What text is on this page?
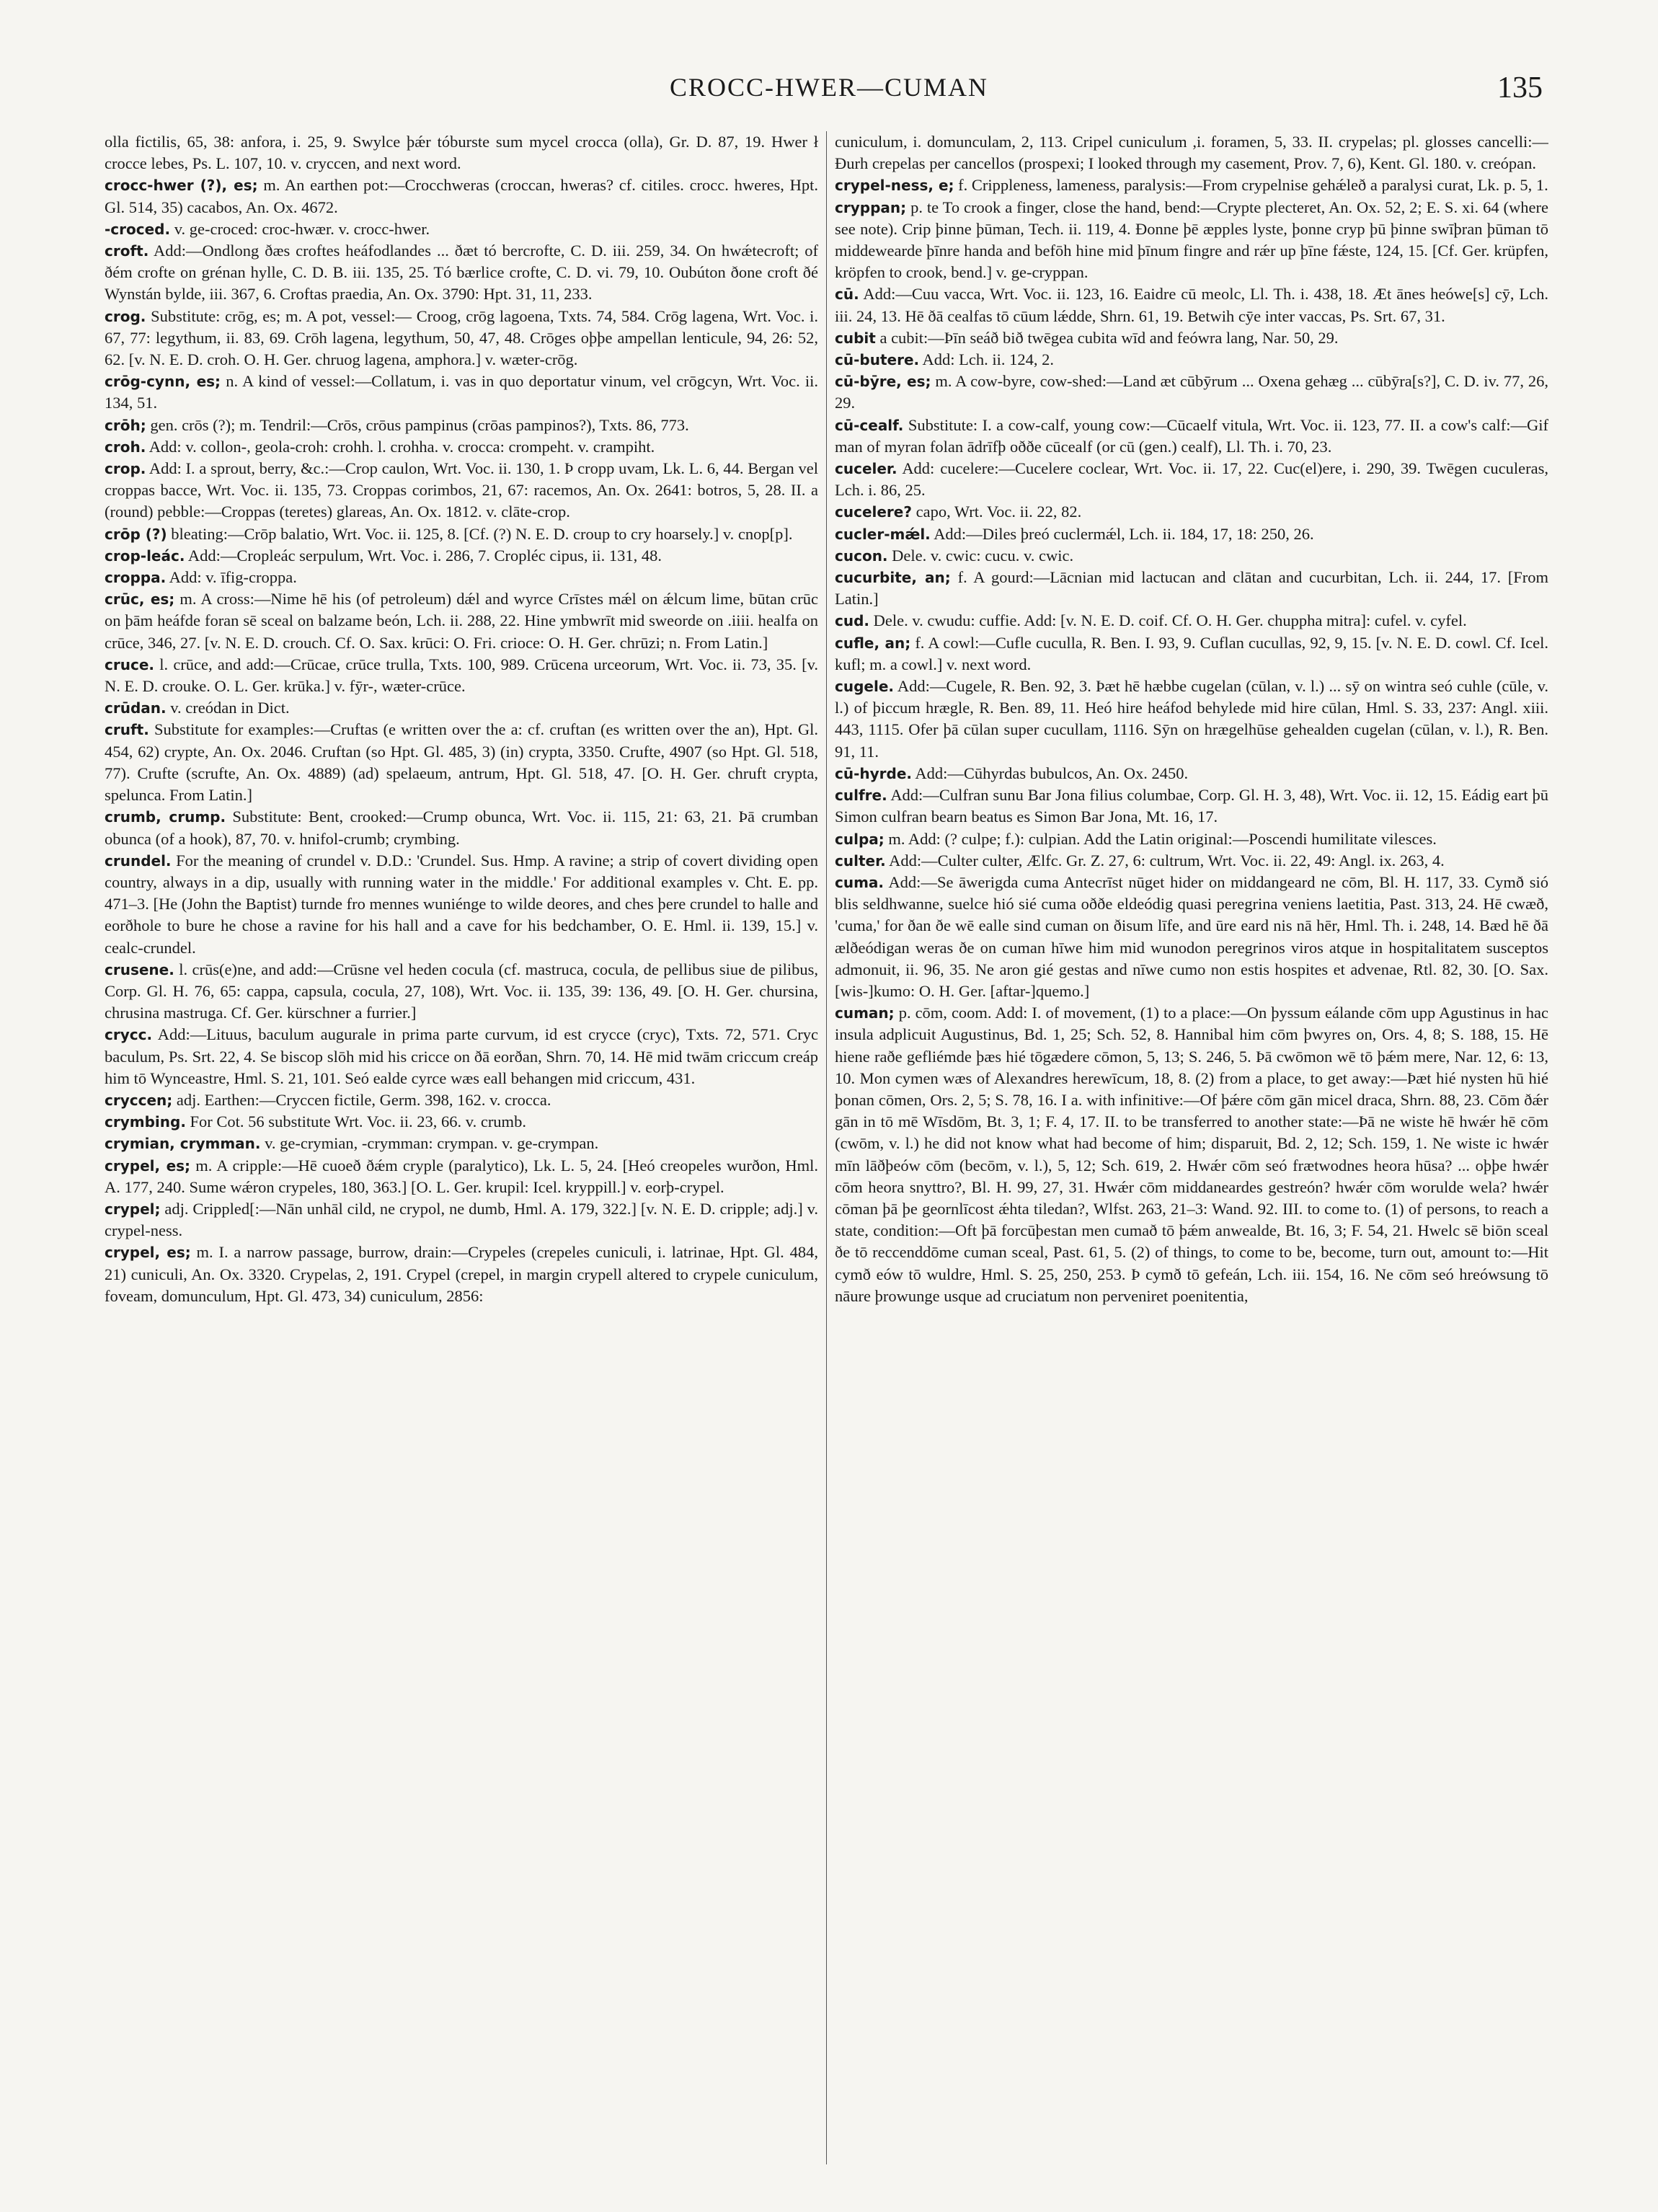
CROCC-HWER—CUMAN	135

olla fictilis, 65, 38: anfora, i. 25, 9. Swylce þǽr tóburste sum mycel crocca (olla), Gr. D. 87, 19. Hwer ł crocce lebes, Ps. L. 107, 10. v. cryccen, and next word.

crocc-hwer (?), es; m. An earthen pot:—Crocchweras (croccan, hweras? cf. citiles. crocc. hweres, Hpt. Gl. 514, 35) cacabos, An. Ox. 4672.

-croced. v. ge-croced: croc-hwær. v. crocc-hwer.

croft. Add:—Ondlong ðæs croftes heáfodlandes ... ðæt tó bercrofte, C. D. iii. 259, 34. On hwǽtecroft; of ðém crofte on grénan hylle, C. D. B. iii. 135, 25. Tó bærlice crofte, C. D. vi. 79, 10. Oubúton ðone croft ðé Wynstán bylde, iii. 367, 6. Croftas praedia, An. Ox. 3790: Hpt. 31, 11, 233.

crog. Substitute: crōg, es; m. A pot, vessel:— Croog, crōg lagoena, Txts. 74, 584. Crōg lagena, Wrt. Voc. i. 67, 77: legythum, ii. 83, 69. Crōh lagena, legythum, 50, 47, 48. Crōges oþþe ampellan lenticule, 94, 26: 52, 62. [v. N. E. D. croh. O. H. Ger. chruog lagena, amphora.] v. wæter-crōg.

crōg-cynn, es; n. A kind of vessel:—Collatum, i. vas in quo deportatur vinum, vel crōgcyn, Wrt. Voc. ii. 134, 51.

crōh; gen. crōs (?); m. Tendril:—Crōs, crōus pampinus (crōas pampinos?), Txts. 86, 773.

croh. Add: v. collon-, geola-croh: crohh. l. crohha. v. crocca: crompeht. v. crampiht.

crop. Add: I. a sprout, berry, &c.:—Crop caulon, Wrt. Voc. ii. 130, 1. Þ cropp uvam, Lk. L. 6, 44. Bergan vel croppas bacce, Wrt. Voc. ii. 135, 73. Croppas corimbos, 21, 67: racemos, An. Ox. 2641: botros, 5, 28. II. a (round) pebble:—Croppas (teretes) glareas, An. Ox. 1812. v. clāte-crop.

crōp (?) bleating:—Crōp balatio, Wrt. Voc. ii. 125, 8. [Cf. (?) N. E. D. croup to cry hoarsely.] v. cnop[p].

crop-leác. Add:—Cropleác serpulum, Wrt. Voc. i. 286, 7. Cropléc cipus, ii. 131, 48.

croppa. Add: v. īfig-croppa.

crūc, es; m. A cross:—Nime hē his (of petroleum) dǽl and wyrce Crīstes mǽl on ǽlcum lime, būtan crūc on þām heáfde foran sē sceal on balzame beón, Lch. ii. 288, 22. Hine ymbwrīt mid sweorde on .iiii. healfa on crūce, 346, 27. [v. N. E. D. crouch. Cf. O. Sax. krūci: O. Fri. crioce: O. H. Ger. chrūzi; n. From Latin.]

cruce. l. crūce, and add:—Crūcae, crūce trulla, Txts. 100, 989. Crūcena urceorum, Wrt. Voc. ii. 73, 35. [v. N. E. D. crouke. O. L. Ger. krūka.] v. fȳr-, wæter-crūce.

crūdan. v. creódan in Dict.

cruft. Substitute for examples:—Cruftas (e written over the a: cf. cruftan (es written over the an), Hpt. Gl. 454, 62) crypte, An. Ox. 2046. Cruftan (so Hpt. Gl. 485, 3) (in) crypta, 3350. Crufte, 4907 (so Hpt. Gl. 518, 77). Crufte (scrufte, An. Ox. 4889) (ad) spelaeum, antrum, Hpt. Gl. 518, 47. [O. H. Ger. chruft crypta, spelunca. From Latin.]

crumb, crump. Substitute: Bent, crooked:—Crump obunca, Wrt. Voc. ii. 115, 21: 63, 21. Þā crumban obunca (of a hook), 87, 70. v. hnifol-crumb; crymbing.

crundel. For the meaning of crundel v. D.D.: 'Crundel. Sus. Hmp. A ravine; a strip of covert dividing open country, always in a dip, usually with running water in the middle.' For additional examples v. Cht. E. pp. 471–3. [He (John the Baptist) turnde fro mennes wuniénge to wilde deores, and ches þere crundel to halle and eorðhole to bure he chose a ravine for his hall and a cave for his bedchamber, O. E. Hml. ii. 139, 15.] v. cealc-crundel.

crusene. l. crūs(e)ne, and add:—Crūsne vel heden cocula (cf. mastruca, cocula, de pellibus siue de pilibus, Corp. Gl. H. 76, 65: cappa, capsula, cocula, 27, 108), Wrt. Voc. ii. 135, 39: 136, 49. [O. H. Ger. chursina, chrusina mastruga. Cf. Ger. kürschner a furrier.]

crycc. Add:—Lituus, baculum augurale in prima parte curvum, id est crycce (cryc), Txts. 72, 571. Cryc baculum, Ps. Srt. 22, 4. Se biscop slōh mid his cricce on ðā eorðan, Shrn. 70, 14. Hē mid twām criccum creáp him tō Wynceastre, Hml. S. 21, 101. Seó ealde cyrce wæs eall behangen mid criccum, 431.

cryccen; adj. Earthen:—Cryccen fictile, Germ. 398, 162. v. crocca.

crymbing. For Cot. 56 substitute Wrt. Voc. ii. 23, 66. v. crumb.

crymian, crymman. v. ge-crymian, -crymman: crympan. v. ge-crympan.

crypel, es; m. A cripple:—Hē cuoeð ðǽm cryple (paralytico), Lk. L. 5, 24. [Heó creopeles wurðon, Hml. A. 177, 240. Sume wǽron crypeles, 180, 363.] [O. L. Ger. krupil: Icel. kryppill.] v. eorþ-crypel.

crypel; adj. Crippled[:—Nān unhāl cild, ne crypol, ne dumb, Hml. A. 179, 322.] [v. N. E. D. cripple; adj.] v. crypel-ness.

crypel, es; m. I. a narrow passage, burrow, drain:—Crypeles (crepeles cuniculi, i. latrinae, Hpt. Gl. 484, 21) cuniculi, An. Ox. 3320. Crypelas, 2, 191. Crypel (crepel, in margin crypell altered to crypele cuniculum, foveam, domunculum, Hpt. Gl. 473, 34) cuniculum, 2856:

cuniculum, i. domunculam, 2, 113. Cripel cuniculum ,i. foramen, 5, 33. II. crypelas; pl. glosses cancelli:—Ðurh crepelas per cancellos (prospexi; I looked through my casement, Prov. 7, 6), Kent. Gl. 180. v. creópan.

crypel-ness, e; f. Crippleness, lameness, paralysis:—From crypelnise gehǽleð a paralysi curat, Lk. p. 5, 1.

cryppan; p. te To crook a finger, close the hand, bend:—Crypte plecteret, An. Ox. 52, 2; E. S. xi. 64 (where see note). Crip þinne þūman, Tech. ii. 119, 4. Ðonne þē æpples lyste, þonne cryp þū þinne swīþran þūman tō middewearde þīnre handa and befōh hine mid þīnum fingre and rǽr up þīne fǽste, 124, 15. [Cf. Ger. krüpfen, kröpfen to crook, bend.] v. ge-cryppan.

cū. Add:—Cuu vacca, Wrt. Voc. ii. 123, 16. Eaidre cū meolc, Ll. Th. i. 438, 18. Æt ānes heówe[s] cȳ, Lch. iii. 24, 13. Hē ðā cealfas tō cūum lǽdde, Shrn. 61, 19. Betwih cȳe inter vaccas, Ps. Srt. 67, 31.

cubit a cubit:—Þīn seáð bið twēgea cubita wīd and feówra lang, Nar. 50, 29.

cū-butere. Add: Lch. ii. 124, 2.

cū-bȳre, es; m. A cow-byre, cow-shed:—Land æt cūbȳrum ... Oxena gehæg ... cūbȳra[s?], C. D. iv. 77, 26, 29.

cū-cealf. Substitute: I. a cow-calf, young cow:—Cūcaelf vitula, Wrt. Voc. ii. 123, 77. II. a cow's calf:—Gif man of myran folan ādrīfþ oððe cūcealf (or cū (gen.) cealf), Ll. Th. i. 70, 23.

cuceler. Add: cucelere:—Cucelere coclear, Wrt. Voc. ii. 17, 22. Cuc(el)ere, i. 290, 39. Twēgen cuculeras, Lch. i. 86, 25.

cucelere? capo, Wrt. Voc. ii. 22, 82.

cucler-mǽl. Add:—Diles þreó cuclermǽl, Lch. ii. 184, 17, 18: 250, 26.

cucon. Dele. v. cwic: cucu. v. cwic.

cucurbite, an; f. A gourd:—Lācnian mid lactucan and clātan and cucurbitan, Lch. ii. 244, 17. [From Latin.]

cud. Dele. v. cwudu: cuffie. Add: [v. N. E. D. coif. Cf. O. H. Ger. chuppha mitra]: cufel. v. cyfel.

cufle, an; f. A cowl:—Cufle cuculla, R. Ben. I. 93, 9. Cuflan cucullas, 92, 9, 15. [v. N. E. D. cowl. Cf. Icel. kufl; m. a cowl.] v. next word.

cugele. Add:—Cugele, R. Ben. 92, 3. Þæt hē hæbbe cugelan (cūlan, v. l.) ... sȳ on wintra seó cuhle (cūle, v. l.) of þiccum hrægle, R. Ben. 89, 11. Heó hire heáfod behylede mid hire cūlan, Hml. S. 33, 237: Angl. xiii. 443, 1115. Ofer þā cūlan super cucullam, 1116. Sȳn on hrægelhūse gehealden cugelan (cūlan, v. l.), R. Ben. 91, 11.

cū-hyrde. Add:—Cūhyrdas bubulcos, An. Ox. 2450.

culfre. Add:—Culfran sunu Bar Jona filius columbae, Corp. Gl. H. 3, 48), Wrt. Voc. ii. 12, 15. Eádig eart þū Simon culfran bearn beatus es Simon Bar Jona, Mt. 16, 17.

culpa; m. Add: (? culpe; f.): culpian. Add the Latin original:—Poscendi humilitate vilesces.

culter. Add:—Culter culter, Ælfc. Gr. Z. 27, 6: cultrum, Wrt. Voc. ii. 22, 49: Angl. ix. 263, 4.

cuma. Add:—Se āwerigda cuma Antecrīst nūget hider on middangeard ne cōm, Bl. H. 117, 33. Cymð sió blis seldhwanne, suelce hió sié cuma oððe eldeódig quasi peregrina veniens laetitia, Past. 313, 24. Hē cwæð, 'cuma,' for ðan ðe wē ealle sind cuman on ðisum līfe, and ūre eard nis nā hēr, Hml. Th. i. 248, 14. Bæd hē ðā ælðeódigan weras ðe on cuman hīwe him mid wunodon peregrinos viros atque in hospitalitatem susceptos admonuit, ii. 96, 35. Ne aron gié gestas and nīwe cumo non estis hospites et advenae, Rtl. 82, 30. [O. Sax. [wis-]kumo: O. H. Ger. [aftar-]quemo.]

cuman; p. cōm, coom. Add: I. of movement, (1) to a place:—On þyssum eálande cōm upp Agustinus in hac insula adplicuit Augustinus, Bd. 1, 25; Sch. 52, 8. Hannibal him cōm þwyres on, Ors. 4, 8; S. 188, 15. Hē hiene raðe gefliémde þæs hié tōgædere cōmon, 5, 13; S. 246, 5. Þā cwōmon wē tō þǽm mere, Nar. 12, 6: 13, 10. Mon cymen wæs of Alexandres herewīcum, 18, 8. (2) from a place, to get away:—Þæt hié nysten hū hié þonan cōmen, Ors. 2, 5; S. 78, 16. I a. with infinitive:—Of þǽre cōm gān micel draca, Shrn. 88, 23. Cōm ðǽr gān in tō mē Wīsdōm, Bt. 3, 1; F. 4, 17. II. to be transferred to another state:—Þā ne wiste hē hwǽr hē cōm (cwōm, v. l.) he did not know what had become of him; disparuit, Bd. 2, 12; Sch. 159, 1. Ne wiste ic hwǽr mīn lāðþeów cōm (becōm, v. l.), 5, 12; Sch. 619, 2. Hwǽr cōm seó frætwodnes heora hūsa? ... oþþe hwǽr cōm heora snyttro?, Bl. H. 99, 27, 31. Hwǽr cōm middaneardes gestreón? hwǽr cōm woruldе wela? hwǽr cōman þā þe geornlīcost ǽhta tiledan?, Wlfst. 263, 21–3: Wand. 92. III. to come to. (1) of persons, to reach a state, condition:—Oft þā forcūþestan men cumað tō þǽm anwealde, Bt. 16, 3; F. 54, 21. Hwelc sē biōn sceal ðe tō reccenddōme cuman sceal, Past. 61, 5. (2) of things, to come to be, become, turn out, amount to:—Hit cymð eów tō wuldre, Hml. S. 25, 250, 253. Þ cymð tō gefeán, Lch. iii. 154, 16. Ne cōm seó hreówsung tō nāure þrowunge usque ad cruciatum non perveniret poenitentia,
